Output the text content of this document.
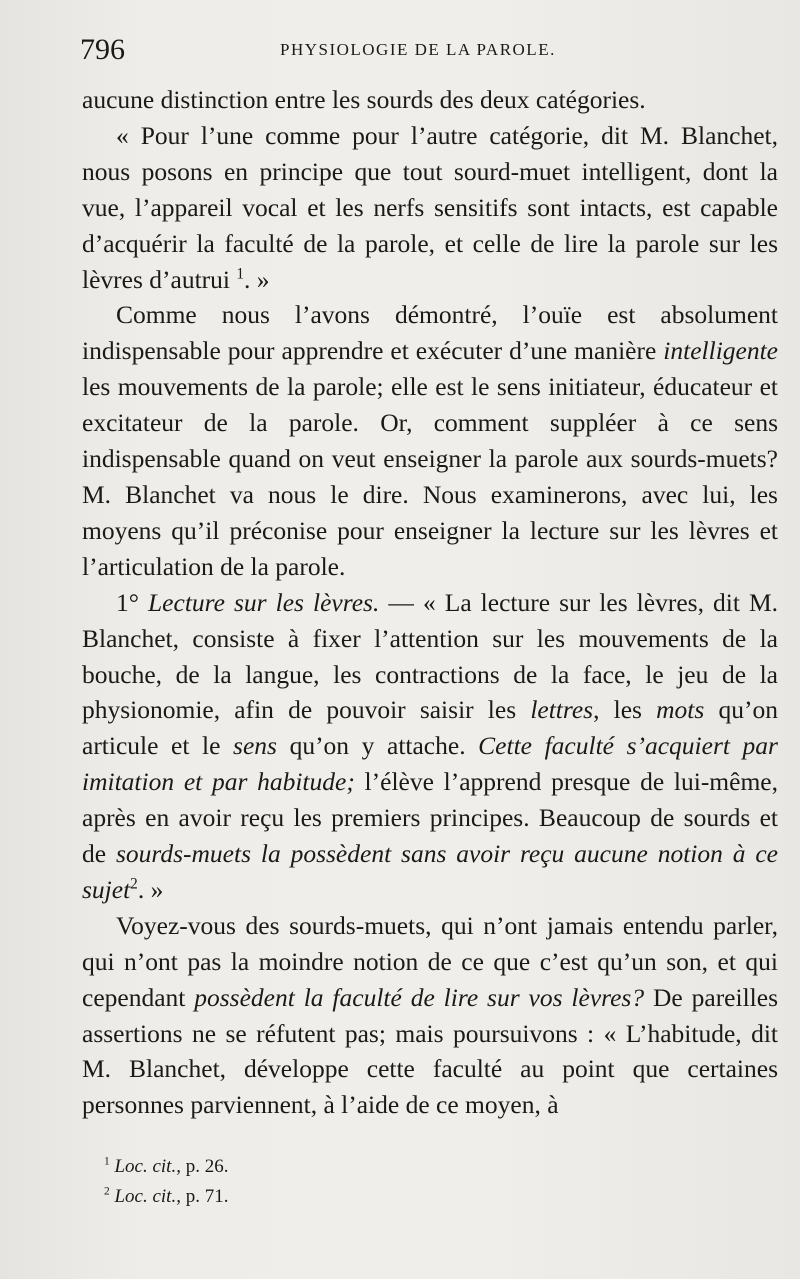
796	PHYSIOLOGIE DE LA PAROLE.

aucune distinction entre les sourds des deux catégories.

« Pour l’une comme pour l’autre catégorie, dit M. Blanchet, nous posons en principe que tout sourd-muet intelligent, dont la vue, l’appareil vocal et les nerfs sensitifs sont intacts, est capable d’acquérir la faculté de la parole, et celle de lire la parole sur les lèvres d’autrui $^1$. »

Comme nous l’avons démontré, l’ouïe est absolument indispensable pour apprendre et exécuter d’une manière intelligente les mouvements de la parole; elle est le sens initiateur, éducateur et excitateur de la parole. Or, comment suppléer à ce sens indispensable quand on veut enseigner la parole aux sourds-muets? M. Blanchet va nous le dire. Nous examinerons, avec lui, les moyens qu’il préconise pour enseigner la lecture sur les lèvres et l’articulation de la parole.

1° Lecture sur les lèvres. — « La lecture sur les lèvres, dit M. Blanchet, consiste à fixer l’attention sur les mouvements de la bouche, de la langue, les contractions de la face, le jeu de la physionomie, afin de pouvoir saisir les lettres, les mots qu’on articule et le sens qu’on y attache. Cette faculté s’acquiert par imitation et par habitude; l’élève l’apprend presque de lui-même, après en avoir reçu les premiers principes. Beaucoup de sourds et de sourds-muets la possèdent sans avoir reçu aucune notion à ce sujet$^2$. »

Voyez-vous des sourds-muets, qui n’ont jamais entendu parler, qui n’ont pas la moindre notion de ce que c’est qu’un son, et qui cependant possèdent la faculté de lire sur vos lèvres? De pareilles assertions ne se réfutent pas; mais poursuivons : « L’habitude, dit M. Blanchet, développe cette faculté au point que certaines personnes parviennent, à l’aide de ce moyen, à

$^1$ Loc. cit., p. 26.
$^2$ Loc. cit., p. 71.
